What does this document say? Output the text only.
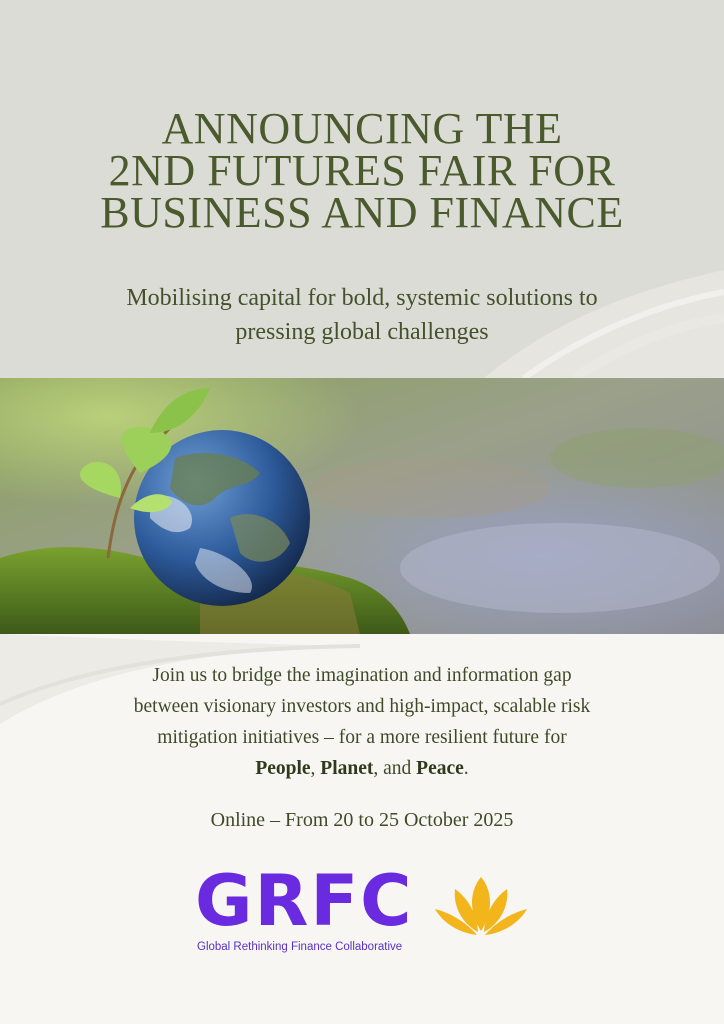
ANNOUNCING THE
2ND FUTURES FAIR FOR
BUSINESS AND FINANCE
Mobilising capital for bold, systemic solutions to
pressing global challenges
Join us to bridge the imagination and information gap
between visionary investors and high-impact, scalable risk
mitigation initiatives – for a more resilient future for
People, Planet, and Peace.
Online – From 20 to 25 October 2025
GRFC
Global Rethinking Finance Collaborative
